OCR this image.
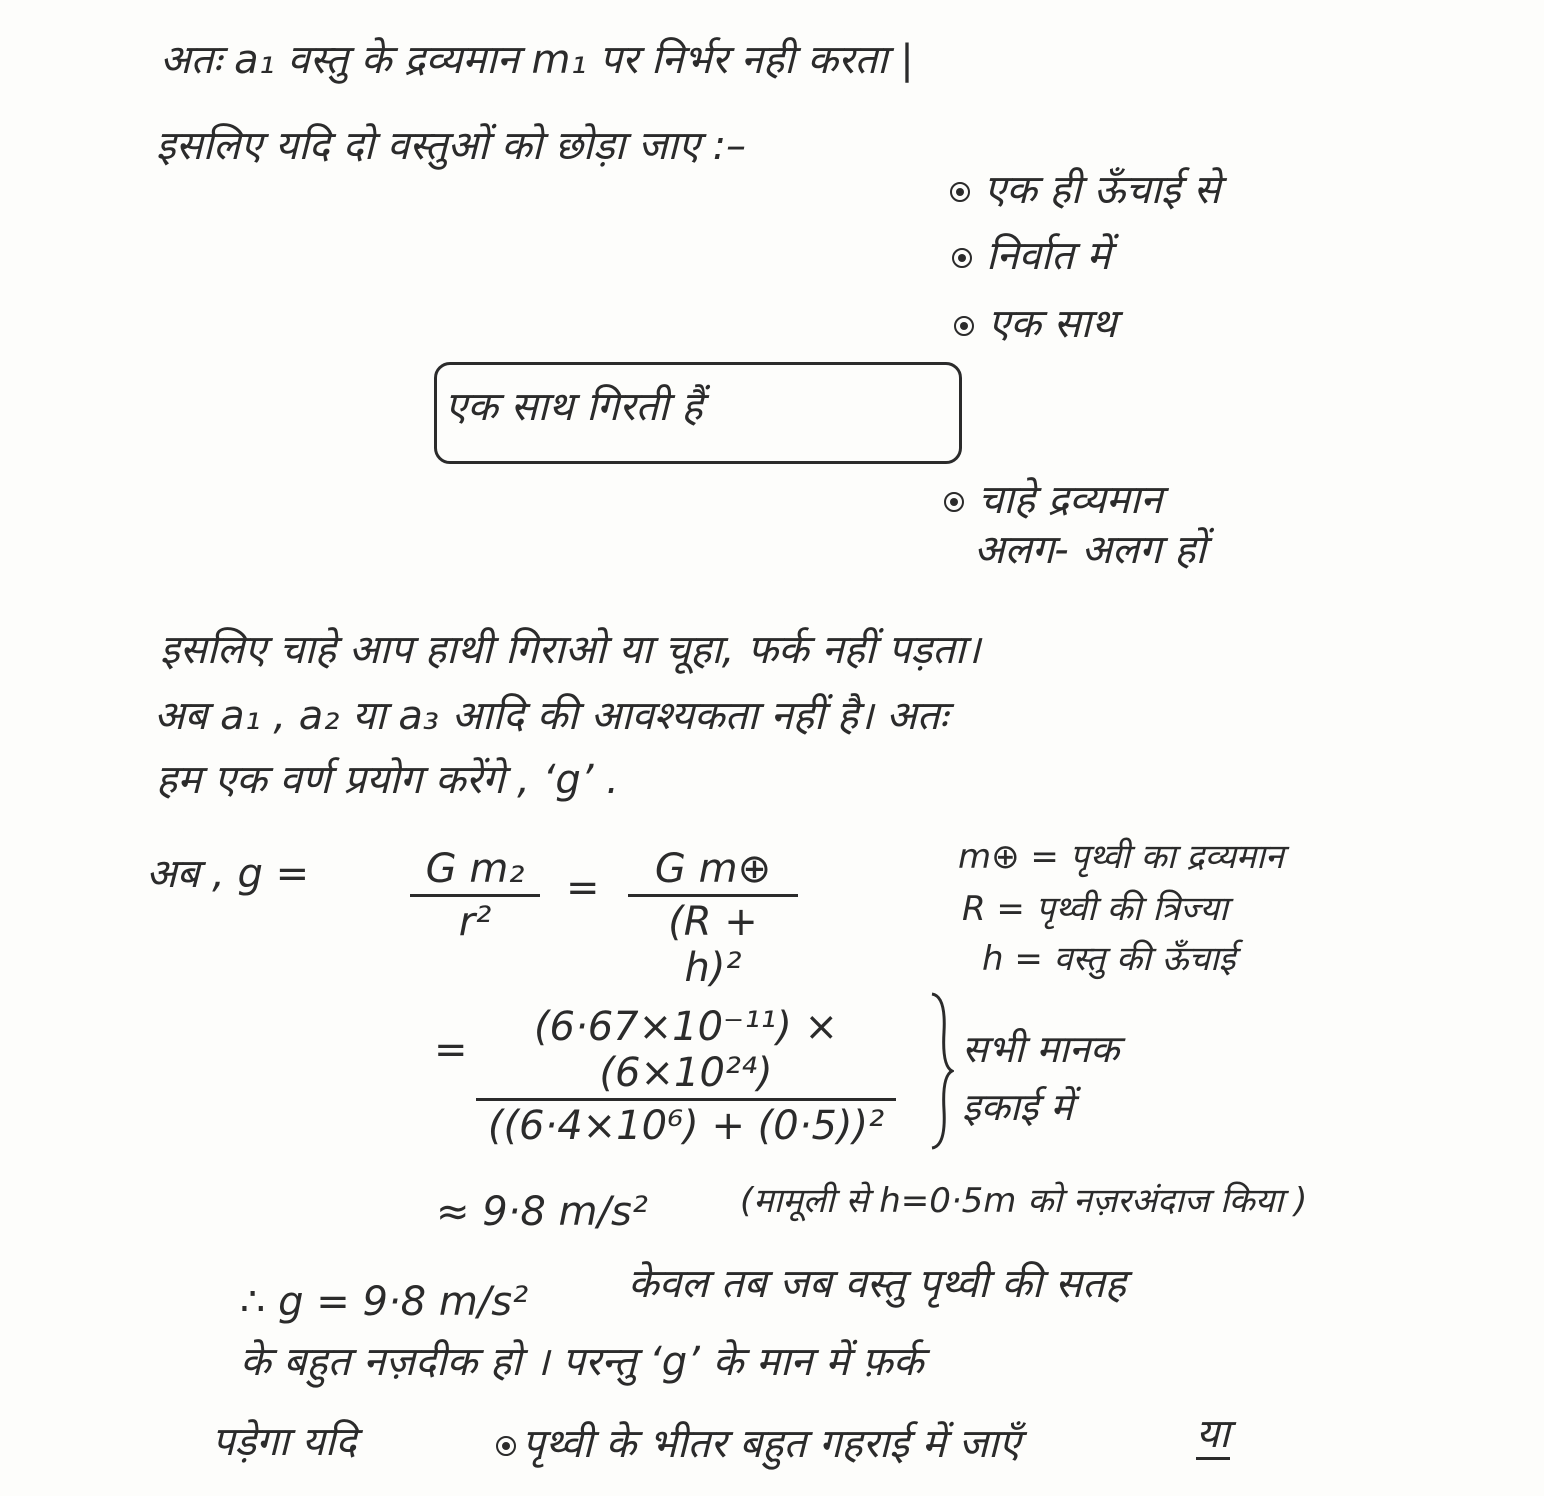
अतः a₁ वस्तु के द्रव्यमान m₁ पर निर्भर नही करता |
इसलिए यदि दो वस्तुओं को छोड़ा जाए :–
एक ही ऊँचाई से
निर्वात में
एक साथ
एक साथ गिरती हैं
चाहे द्रव्यमान
अलग- अलग हों
इसलिए चाहे आप हाथी गिराओ या चूहा, फर्क नहीं पड़ता।
अब a₁ , a₂ या a₃ आदि की आवश्यकता नहीं है। अतः
हम एक वर्ण प्रयोग करेंगे , ‘g’ .
अब , g =	G m₂
r²
=	G m⊕
(R + h)²
m⊕ = पृथ्वी का द्रव्यमान
R = पृथ्वी की त्रिज्या
h = वस्तु की ऊँचाई
=	(6·67×10⁻¹¹) × (6×10²⁴)
((6·4×10⁶) + (0·5))²
सभी मानक
इकाई में
≈ 9·8 m/s²	(मामूली से h=0·5m को नज़रअंदाज किया )
∴ g = 9·8 m/s² केवल तब जब वस्तु पृथ्वी की सतह
के बहुत नज़दीक हो । परन्तु ‘g’ के मान में फ़र्क
पड़ेगा यदि	पृथ्वी के भीतर बहुत गहराई में जाएँ	या
